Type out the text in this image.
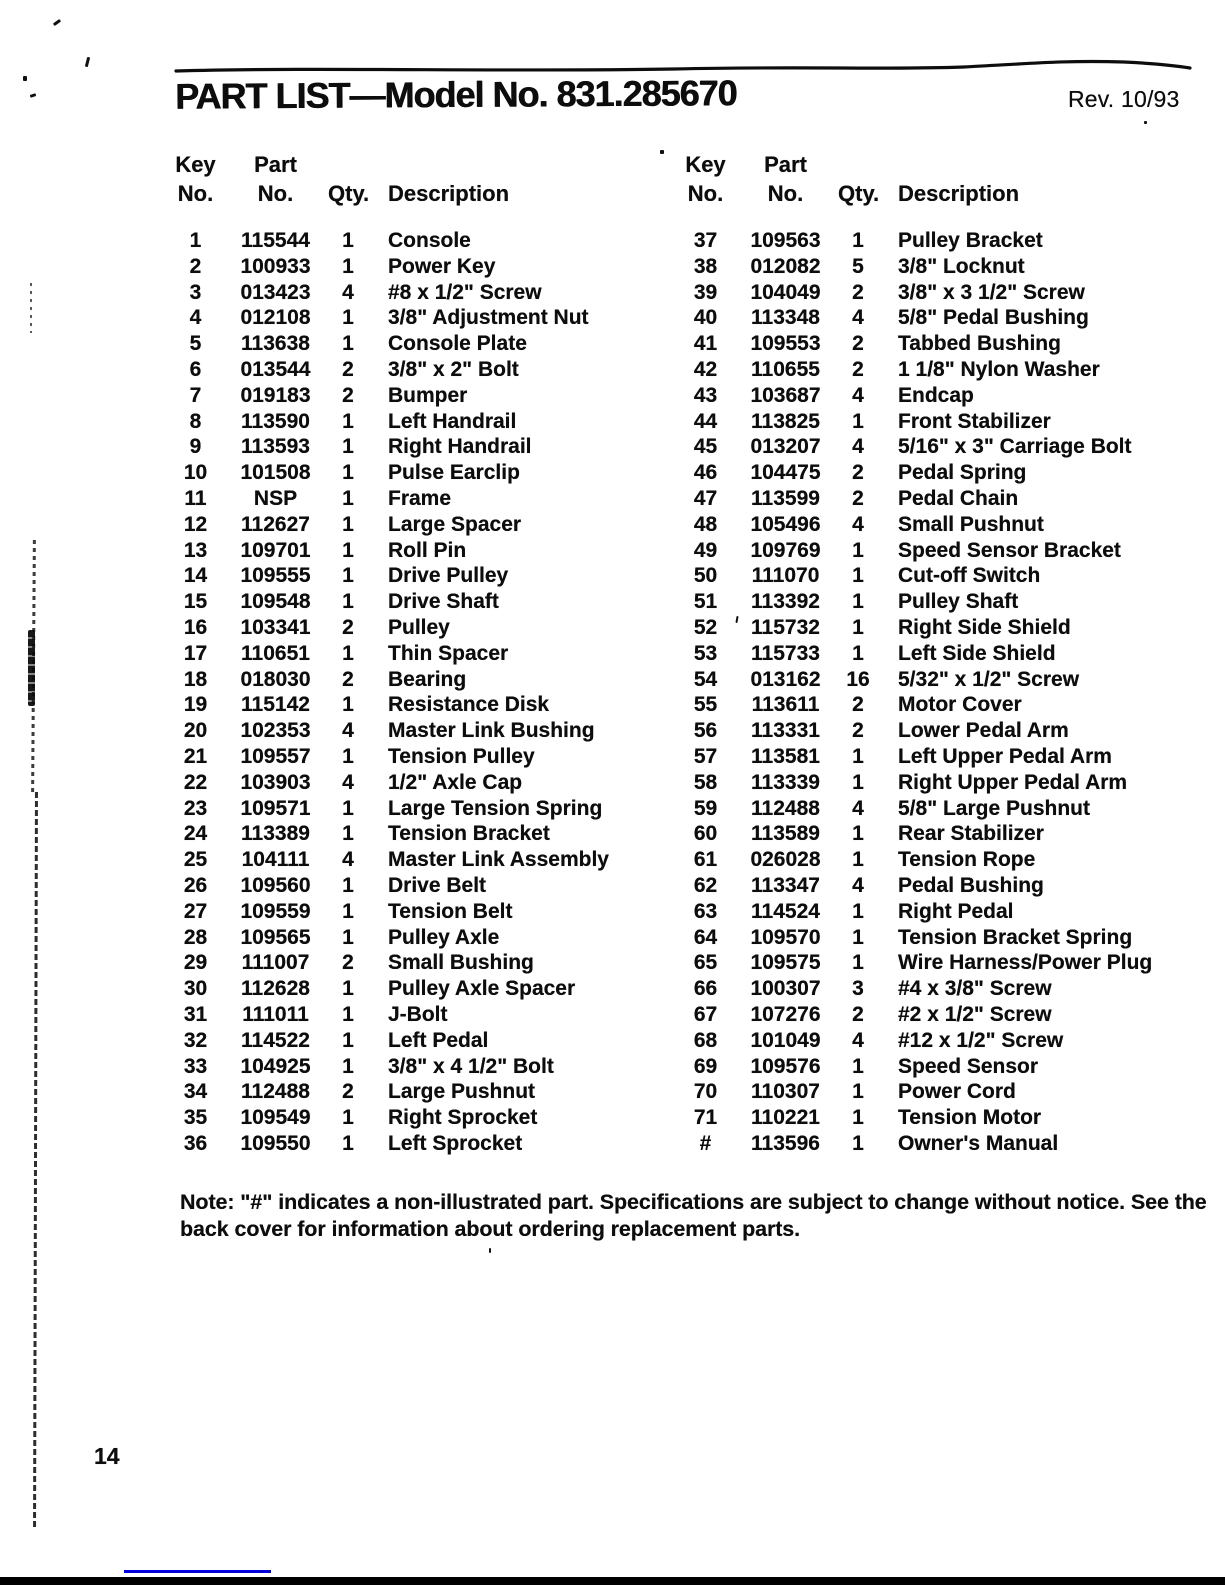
PART LIST—Model No. 831.285670	Rev. 10/93
Key	Part
No.	No.	Qty. Description
1	115544	1	Console
2	100933	1	Power Key
3	013423	4	#8 x 1/2" Screw
4	012108	1	3/8" Adjustment Nut
5	113638	1	Console Plate
6	013544	2	3/8" x 2" Bolt
7	019183	2	Bumper
8	113590	1	Left Handrail
9	113593	1	Right Handrail
10	101508	1	Pulse Earclip
11	NSP	1	Frame
12	112627	1	Large Spacer
13	109701	1	Roll Pin
14	109555	1	Drive Pulley
15	109548	1	Drive Shaft
16	103341	2	Pulley
17	110651	1	Thin Spacer
18	018030	2	Bearing
19	115142	1	Resistance Disk
20	102353	4	Master Link Bushing
21	109557	1	Tension Pulley
22	103903	4	1/2" Axle Cap
23	109571	1	Large Tension Spring
24	113389	1	Tension Bracket
25	104111	4	Master Link Assembly
26	109560	1	Drive Belt
27	109559	1	Tension Belt
28	109565	1	Pulley Axle
29	111007	2	Small Bushing
30	112628	1	Pulley Axle Spacer
31	111011	1	J-Bolt
32	114522	1	Left Pedal
33	104925	1	3/8" x 4 1/2" Bolt
34	112488	2	Large Pushnut
35	109549	1	Right Sprocket
36	109550	1	Left Sprocket
Key	Part
No.	No.	Qty. Description
37	109563	1	Pulley Bracket
38	012082	5	3/8" Locknut
39	104049	2	3/8" x 3 1/2" Screw
40	113348	4	5/8" Pedal Bushing
41	109553	2	Tabbed Bushing
42	110655	2	1 1/8" Nylon Washer
43	103687	4	Endcap
44	113825	1	Front Stabilizer
45	013207	4	5/16" x 3" Carriage Bolt
46	104475	2	Pedal Spring
47	113599	2	Pedal Chain
48	105496	4	Small Pushnut
49	109769	1	Speed Sensor Bracket
50	111070	1	Cut-off Switch
51	113392	1	Pulley Shaft
52	115732	1	Right Side Shield
53	115733	1	Left Side Shield
54	013162	16	5/32" x 1/2" Screw
55	113611	2	Motor Cover
56	113331	2	Lower Pedal Arm
57	113581	1	Left Upper Pedal Arm
58	113339	1	Right Upper Pedal Arm
59	112488	4	5/8" Large Pushnut
60	113589	1	Rear Stabilizer
61	026028	1	Tension Rope
62	113347	4	Pedal Bushing
63	114524	1	Right Pedal
64	109570	1	Tension Bracket Spring
65	109575	1	Wire Harness/Power Plug
66	100307	3	#4 x 3/8" Screw
67	107276	2	#2 x 1/2" Screw
68	101049	4	#12 x 1/2" Screw
69	109576	1	Speed Sensor
70	110307	1	Power Cord
71	110221	1	Tension Motor
#	113596	1	Owner's Manual

Note: "#" indicates a non-illustrated part. Specifications are subject to change without notice. See the
back cover for information about ordering replacement parts.

14
